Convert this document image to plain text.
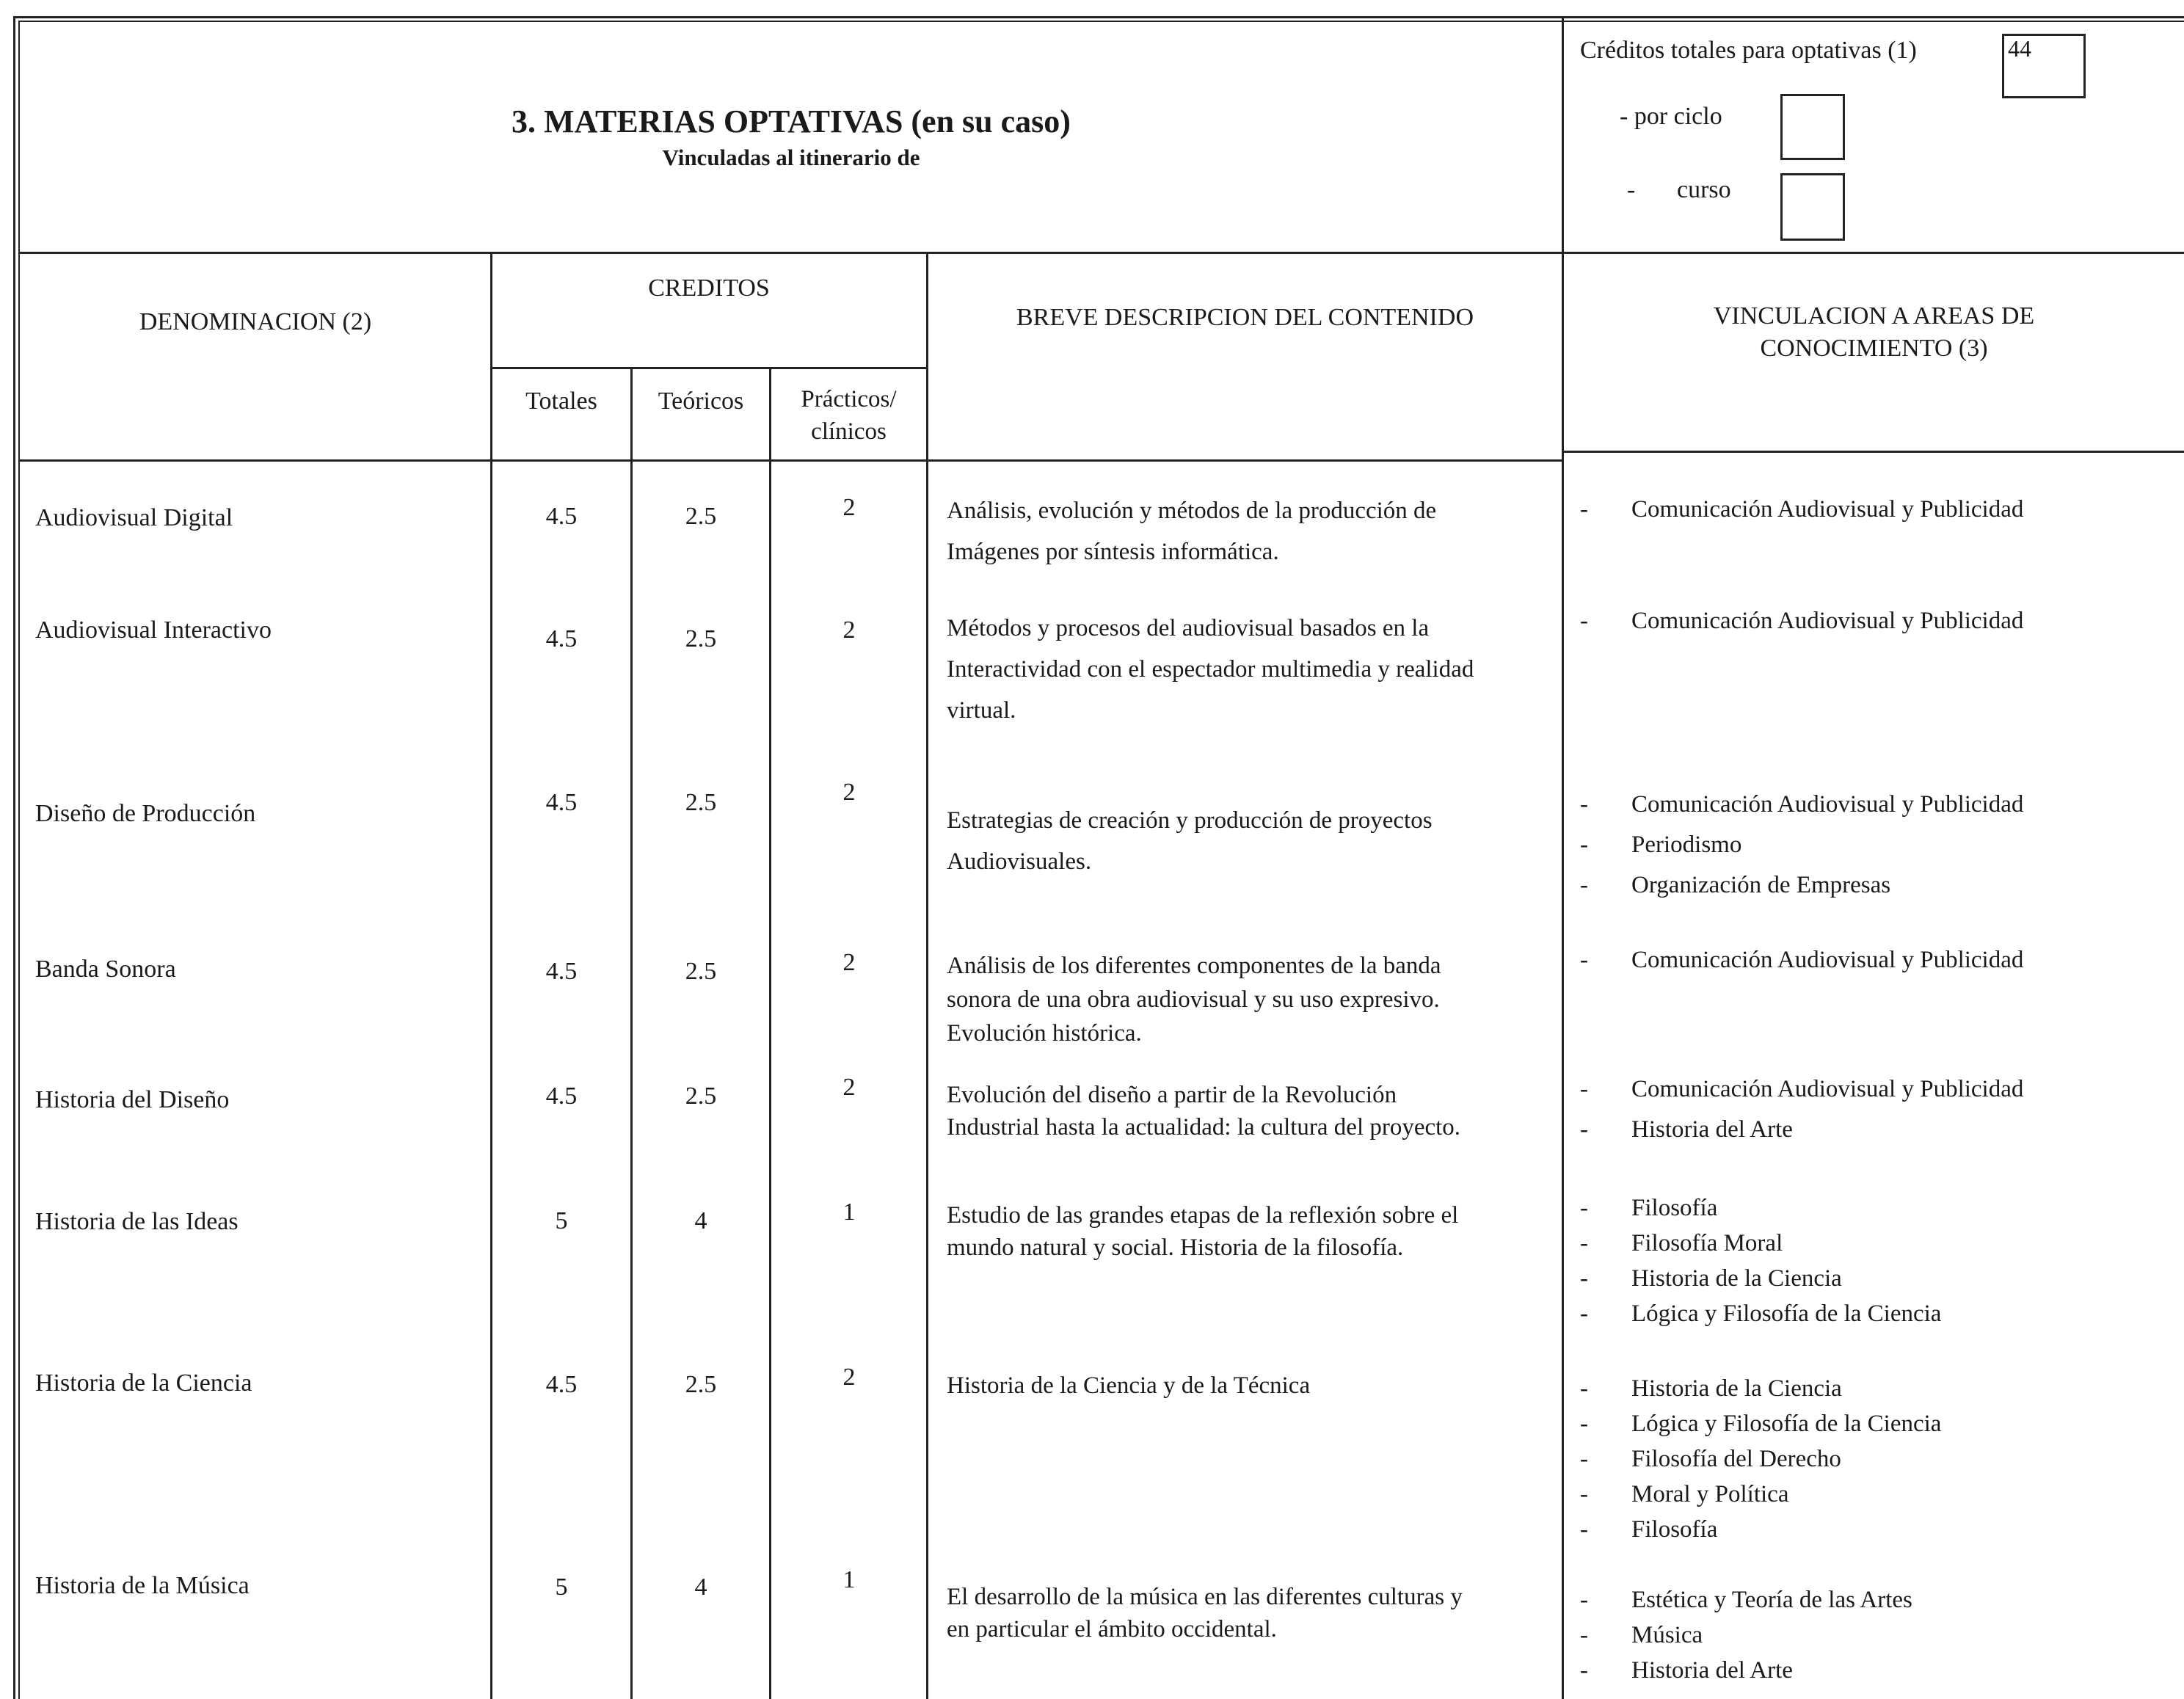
3. MATERIAS OPTATIVAS (en su caso)
Vinculadas al itinerario de
Créditos totales para optativas (1)	44
- por ciclo
- curso
DENOMINACION (2)
CREDITOS
Totales	Teóricos	Prácticos/
clínicos
BREVE DESCRIPCION DEL CONTENIDO	VINCULACION A AREAS DE
CONOCIMIENTO (3)
Audiovisual Digital	4.5	2.5	2	Análisis, evolución y métodos de la producción de
Imágenes por síntesis informática.
- Comunicación Audiovisual y Publicidad
Audiovisual Interactivo	4.5	2.5	2	Métodos y procesos del audiovisual basados en la
Interactividad con el espectador multimedia y realidad
virtual.
- Comunicación Audiovisual y Publicidad
Diseño de Producción	4.5	2.5	2
Estrategias de creación y producción de proyectos
Audiovisuales.
- Comunicación Audiovisual y Publicidad
- Periodismo
- Organización de Empresas
Banda Sonora	4.5	2.5	2	Análisis de los diferentes componentes de la banda
sonora de una obra audiovisual y su uso expresivo.
Evolución histórica.
- Comunicación Audiovisual y Publicidad
Historia del Diseño	4.5	2.5	2	Evolución del diseño a partir de la Revolución
Industrial hasta la actualidad: la cultura del proyecto.
- Comunicación Audiovisual y Publicidad
- Historia del Arte
Historia de las Ideas	5	4	1	Estudio de las grandes etapas de la reflexión sobre el
mundo natural y social. Historia de la filosofía.
- Filosofía
- Filosofía Moral
- Historia de la Ciencia
- Lógica y Filosofía de la Ciencia
Historia de la Ciencia	4.5	2.5	2	Historia de la Ciencia y de la Técnica	- Historia de la Ciencia
- Lógica y Filosofía de la Ciencia
- Filosofía del Derecho
- Moral y Política
- Filosofía
Historia de la Música	5	4	1
El desarrollo de la música en las diferentes culturas y
en particular el ámbito occidental.
- Estética y Teoría de las Artes
- Música
- Historia del Arte
